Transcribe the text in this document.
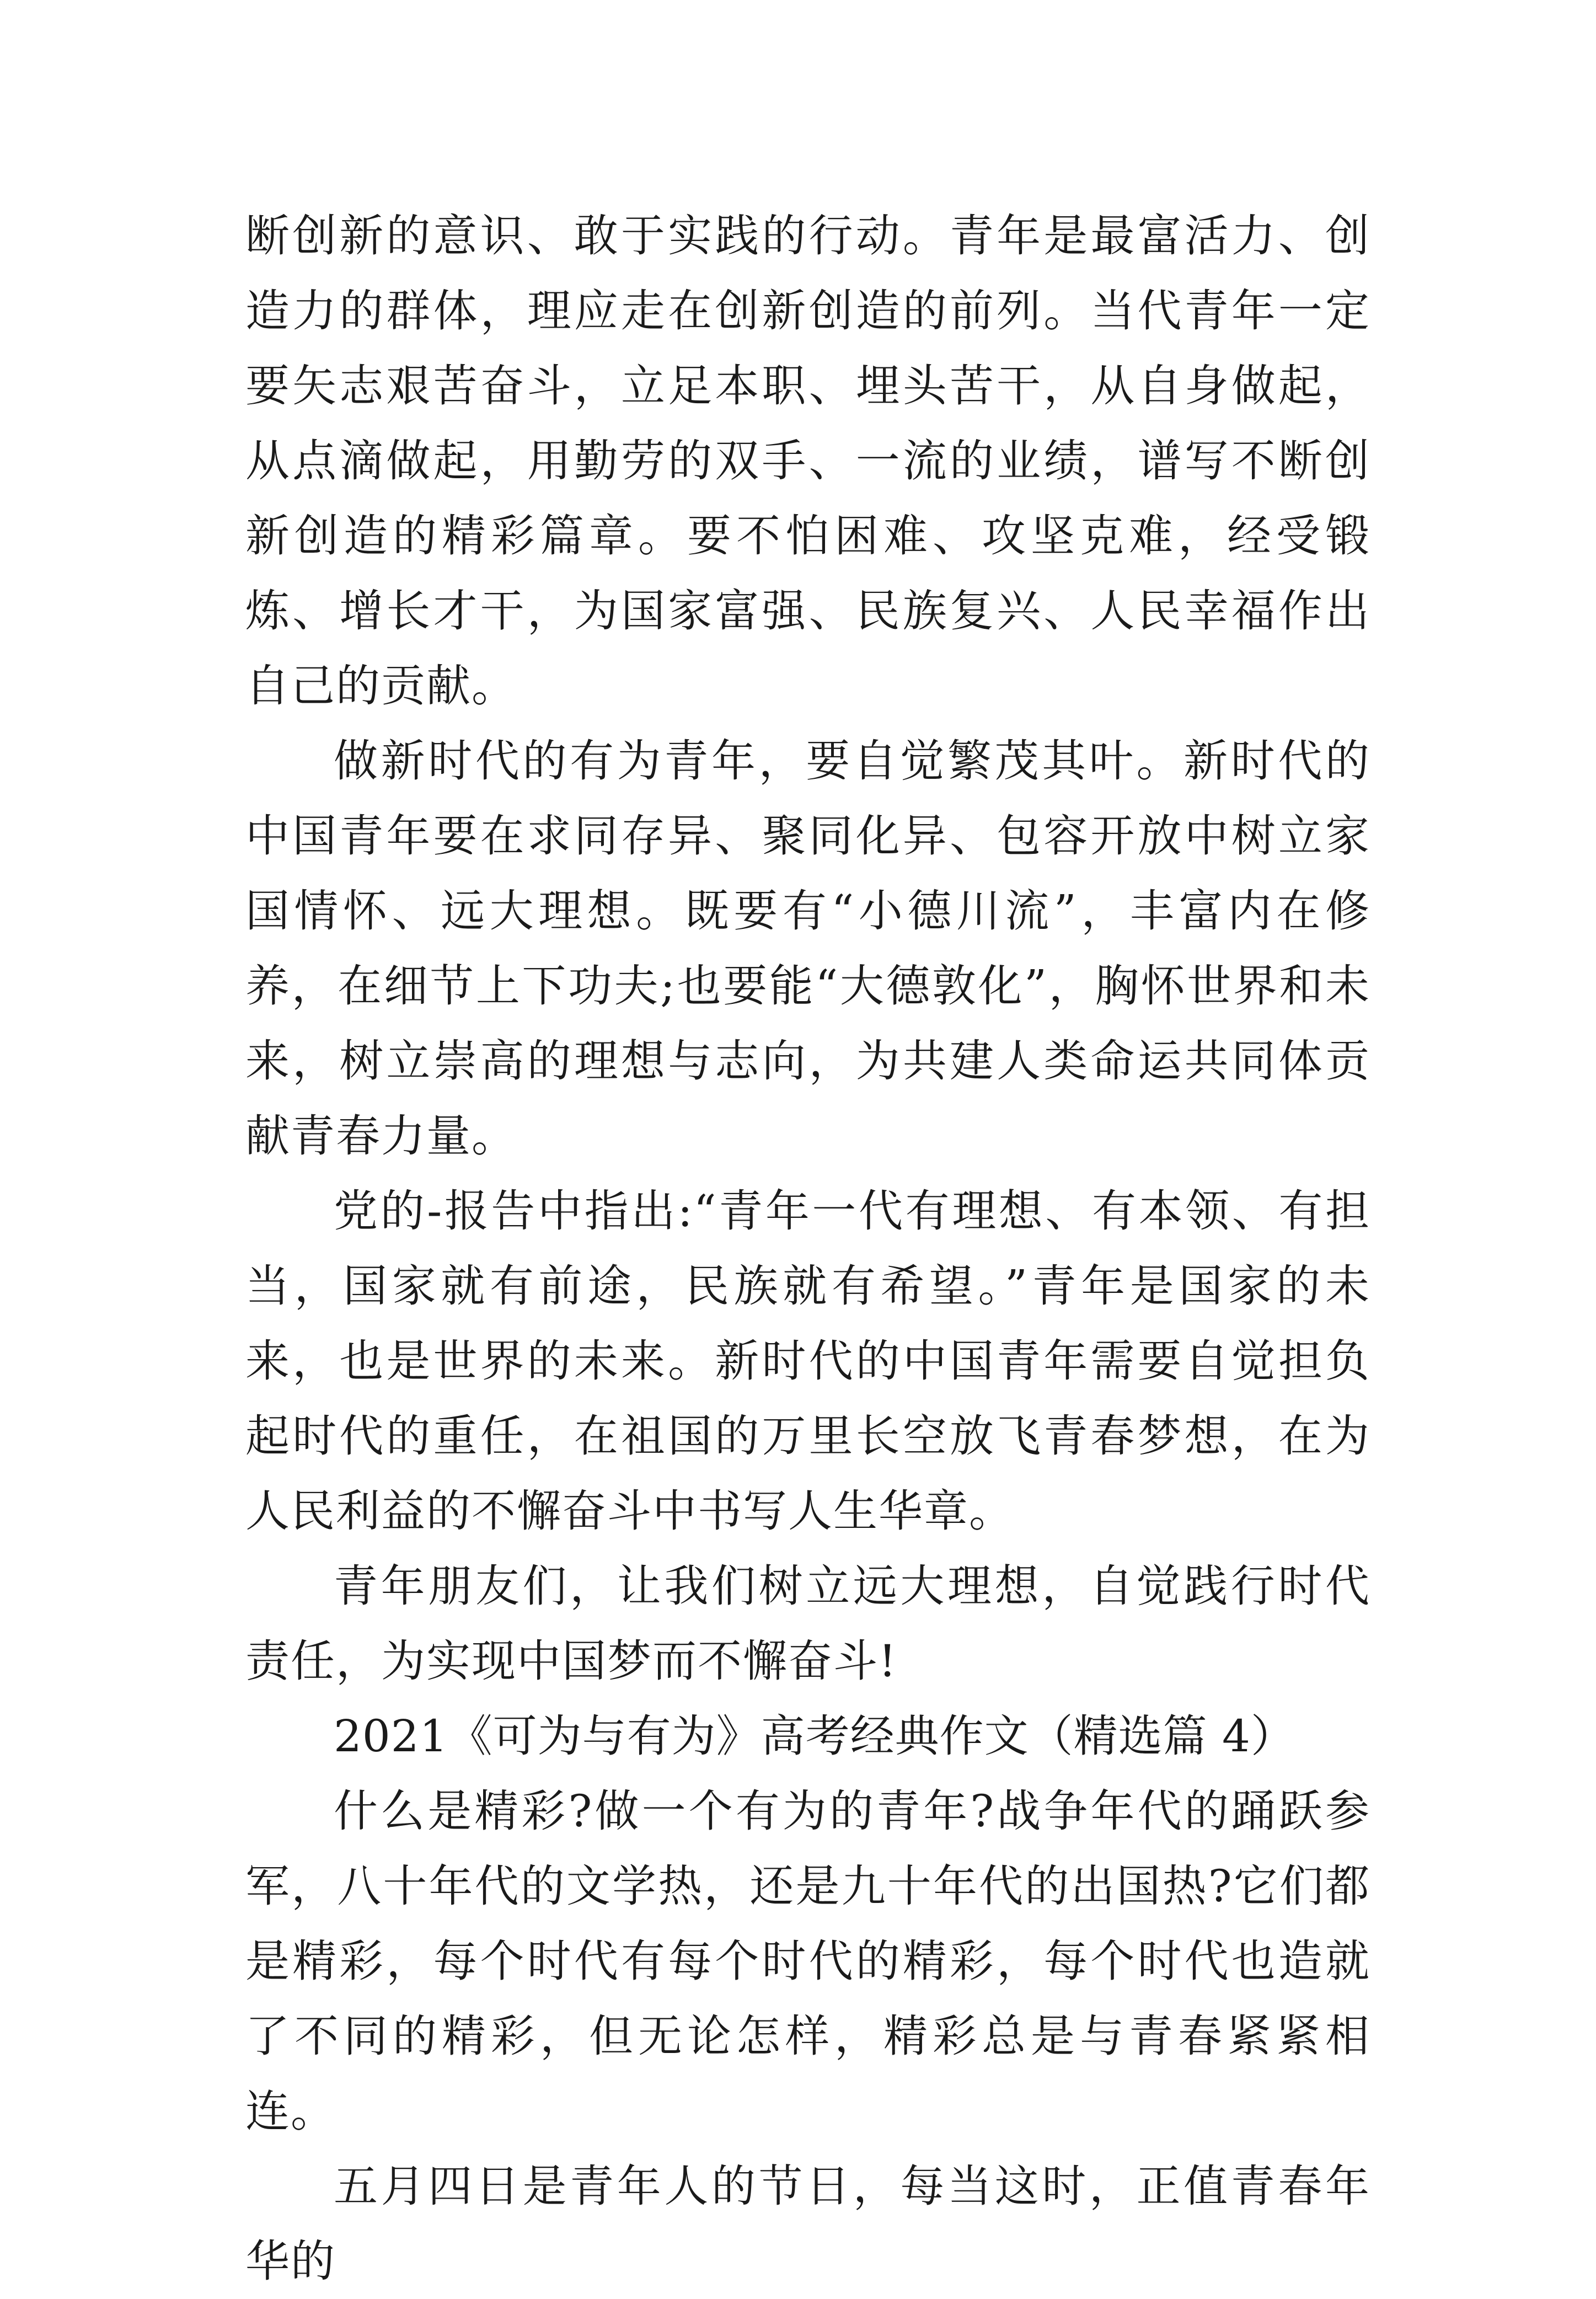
断创新的意识、敢于实践的行动。青年是最富活力、创造力的群体，理应走在创新创造的前列。当代青年一定要矢志艰苦奋斗，立足本职、埋头苦干，从自身做起，从点滴做起，用勤劳的双手、一流的业绩，谱写不断创新创造的精彩篇章。要不怕困难、攻坚克难，经受锻炼、增长才干，为国家富强、民族复兴、人民幸福作出自己的贡献。

做新时代的有为青年，要自觉繁茂其叶。新时代的中国青年要在求同存异、聚同化异、包容开放中树立家国情怀、远大理想。既要有“小德川流”，丰富内在修养，在细节上下功夫;也要能“大德敦化”，胸怀世界和未来，树立崇高的理想与志向，为共建人类命运共同体贡献青春力量。

党的-报告中指出:“青年一代有理想、有本领、有担当，国家就有前途，民族就有希望。”青年是国家的未来，也是世界的未来。新时代的中国青年需要自觉担负起时代的重任，在祖国的万里长空放飞青春梦想，在为人民利益的不懈奋斗中书写人生华章。

青年朋友们，让我们树立远大理想，自觉践行时代责任，为实现中国梦而不懈奋斗!

2021《可为与有为》高考经典作文（精选篇 4）

什么是精彩?做一个有为的青年?战争年代的踊跃参军，八十年代的文学热，还是九十年代的出国热?它们都是精彩，每个时代有每个时代的精彩，每个时代也造就了不同的精彩，但无论怎样，精彩总是与青春紧紧相连。

五月四日是青年人的节日，每当这时，正值青春年华的
